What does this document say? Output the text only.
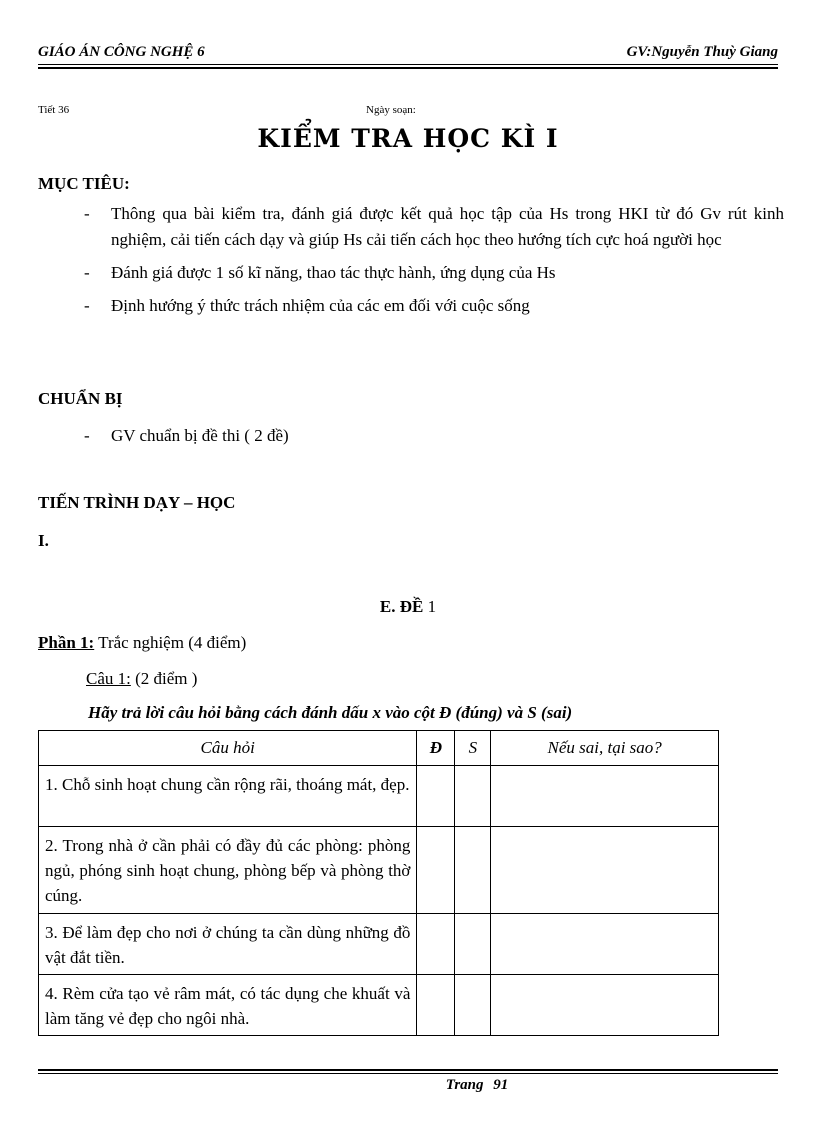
GIÁO ÁN CÔNG NGHỆ 6	GV:Nguyễn Thuỳ Giang
Tiết 36	Ngày soạn:
KIỂM TRA HỌC KÌ I
MỤC TIÊU:
- Thông qua bài kiểm tra, đánh giá được kết quả học tập của Hs trong HKI từ đó Gv rút kinh nghiệm, cải tiến cách dạy và giúp Hs cải tiến cách học theo hướng tích cực hoá người học
- Đánh giá được 1 số kĩ năng, thao tác thực hành, ứng dụng của Hs
- Định hướng ý thức trách nhiệm của các em đối với cuộc sống
CHUẨN BỊ
- GV chuẩn bị đề thi ( 2 đề)
TIẾN TRÌNH DẠY – HỌC
I.
E. ĐỀ 1
Phần 1: Trắc nghiệm (4 điểm)
Câu 1: (2 điểm )
Hãy trả lời câu hỏi bằng cách đánh dấu x vào cột Đ (đúng) và S (sai)
Câu hỏi	Đ	S	Nếu sai, tại sao?
1. Chỗ sinh hoạt chung cần rộng rãi, thoáng mát, đẹp.			
2. Trong nhà ở cần phải có đầy đủ các phòng: phòng ngủ, phóng sinh hoạt chung, phòng bếp và phòng thờ cúng.			
3. Để làm đẹp cho nơi ở chúng ta cần dùng những đồ vật đắt tiền.			
4. Rèm cửa tạo vẻ râm mát, có tác dụng che khuất và làm tăng vẻ đẹp cho ngôi nhà.			
Trang 91
